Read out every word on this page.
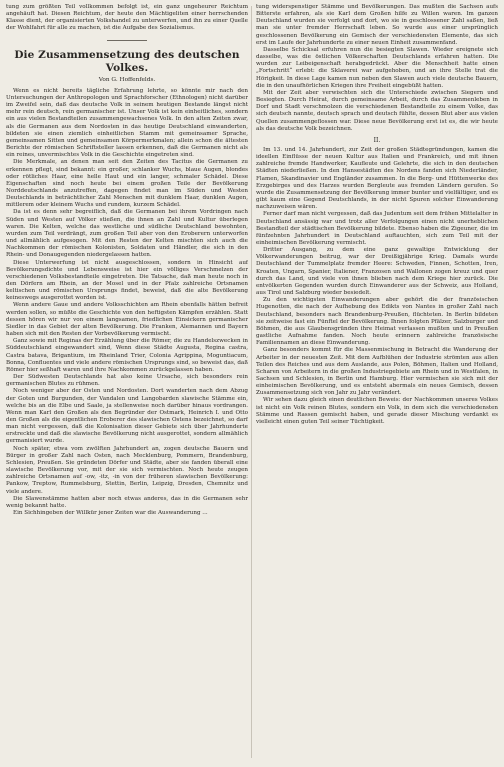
tung zum größten Teil vollkommen befolgt ist, ein ganz ungeheurer Reichtum angehäuft hat. Diesen Reichtum, der heute den Mächtigeliten einer herrschenden Klasse dient, der organisierten Volkshandel zu unterwerfen, und ihn zu einer Quelle der Wohlfahrt für alle zu machen, ist die Aufgabe des Sozialismus.

Die Zusammensetzung des deutschen Volkes.
Von G. Hoffenfelds.

Wenn es nicht bereits tägliche Erfahrung lehrte, so könnte mir nach den Untersuchungen der Anthropologen und Sprachforscher (Ethnologen) nicht darüber im Zweifel sein, daß das deutsche Volk in seinem heutigen Bestande längst nicht mehr rein deutsch, rein germanischer ist. Unser Volk ist kein einheitliches, sondern ein aus vielen Bestandteilen zusammengewachsenes Volk. In den alten Zeiten zwar, als die Germanen aus dem Nordosten in das heutige Deutschland einwanderten, bildeten sie einen ziemlich einheitlichen Stamm mit gemeinsamer Sprache, gemeinsamen Sitten und gemeinsamen Körpermerkmalen; allein schon die ältesten Berichte der römischen Schriftsteller lassen erkennen, daß die Germanen nicht als ein reines, unvermischtes Volk in die Geschichte eingetreten sind.

Die Merkmale, an denen man seit den Zeiten des Tacitus die Germanen zu erkennen pflegt, sind bekannt: ein großer, schlanker Wuchs, blaue Augen, blondes oder rötliches Haar, eine helle Haut und ein langer, schmaler Schädel. Diese Eigenschaften sind noch heute bei einem großen Teile der Bevölkerung Norddeutschlands anzutreffen, dagegen findet man im Süden und Westen Deutschlands in beträchtlicher Zahl Menschen mit dunklem Haar, dunklen Augen, mittlerem oder kleinem Wuchs und rundem, kurzem Schädel.

Da ist es denn sehr begreiflich, daß die Germanen bei ihrem Vordringen nach Süden und Westen auf Völker stießen, die ihnen an Zahl und Kultur überlegen waren. Die Kelten, welche das westliche und südliche Deutschland bewohnten, wurden zum Teil verdrängt, zum großen Teil aber von den Eroberern unterworfen und allmählich aufgesogen. Mit den Resten der Kelten mischten sich auch die Nachkommen der römischen Kolonisten, Soldaten und Händler, die sich in den Rhein- und Donaugegenden niedergelassen hatten.

Diese Unterwerfung ist nicht ausgeschlossen, sondern in Hinsicht auf Bevölkerungsdichte und Lebensweise ist hier ein völliges Verschmelzen der verschiedenen Volksbestandteile eingetreten. Die Tatsache, daß man heute noch in den Dörfern am Rhein, an der Mosel und in der Pfalz zahlreiche Ortsnamen keltischen und römischen Ursprungs findet, beweist, daß die alte Bevölkerung keineswegs ausgerottet worden ist.

Wenn andere Gaue und andere Volksschichten am Rhein ebenfalls hätten befreit werden sollen, so müßte die Geschichte von den heftigsten Kämpfen erzählen. Statt dessen hören wir nur von einem langsamen, friedlichen Einsickern germanischer Siedler in das Gebiet der alten Bevölkerung. Die Franken, Alemannen und Bayern haben sich mit den Resten der Vorbevölkerung vermischt.

Ganz sowie mit Reginas der Erzählung über die Römer, die zu Handelszwecken in Süddeutschland eingewandert sind, Wenn diese Städte Augusta, Regina castra, Castra batava, Brigantium, im Rheinland Trier, Colonia Agrippina, Moguntiacum, Bonna, Confluentes und viele andere römischen Ursprungs sind, so beweist das, daß Römer hier seßhaft waren und ihre Nachkommen zurückgelassen haben.

Der Südwesten Deutschlands hat also keine Ursache, sich besonders rein germanischen Blutes zu rühmen.

Noch weniger aber der Osten und Nordosten. Dort wanderten nach dem Abzug der Goten und Burgunden, der Vandalen und Langobarden slawische Stämme ein, welche bis an die Elbe und Saale, ja stellenweise noch darüber hinaus vordrangen. Wenn man Karl den Großen als den Begründer der Ostmark, Heinrich I. und Otto den Großen als die eigentlichen Eroberer des slawischen Ostens bezeichnet, so darf man nicht vergessen, daß die Kolonisation dieser Gebiete sich über Jahrhunderte erstreckte und daß die slawische Bevölkerung nicht ausgerottet, sondern allmählich germanisiert wurde.

Noch später, etwa vom zwölften Jahrhundert an, zogen deutsche Bauern und Bürger in großer Zahl nach Osten, nach Mecklenburg, Pommern, Brandenburg, Schlesien, Preußen. Sie gründeten Dörfer und Städte, aber sie fanden überall eine slawische Bevölkerung vor, mit der sie sich vermischten. Noch heute zeugen zahlreiche Ortsnamen auf -ow, -itz, -in von der früheren slawischen Bevölkerung: Pankow, Treptow, Rummelsburg, Stettin, Berlin, Leipzig, Dresden, Chemnitz und viele andere.

Die Slawenstämme hatten aber noch etwas anderes, das in die Germanen sehr wenig bekannt hatte.

Ein Sichhingeben der Willkür jener Zeiten war die Auswanderung ...

tung widerspenstiger Stämme und Bevölkerungen. Das mußten die Sachsen aufs Bitterste erfahren, als sie Karl dem Großen hilfe zu Willen waren. Im ganzen Deutschland wurden sie verfolgt und dort, wo sie in geschlossener Zahl saßen, ließ man sie unter fremder Herrschaft leben. So wurde aus einer ursprünglich geschlossenen Bevölkerung ein Gemisch der verschiedensten Elemente, das sich erst im Laufe der Jahrhunderte zu einer neuen Einheit zusammenfand.

Dasselbe Schicksal erfuhren nun die besiegten Slawen. Wieder ereignete sich dasselbe, was die östlichen Völkerschaften Deutschlands erfahren hatten. Die wurden zur Leibeigenschaft herabgedrückt. Aber die Menschheit hatte einen „Fortschritt“ erlebt: die Sklaverei war aufgehoben, und an ihre Stelle trat die Hörigkeit. In diese Lage kamen nun neben den Slawen auch viele deutsche Bauern, die in den unaufhörlichen Kriegen ihre Freiheit eingebüßt hatten.

Mit der Zeit aber verwischten sich die Unterschiede zwischen Siegern und Besiegten. Durch Heirat, durch gemeinsame Arbeit, durch das Zusammenleben in Dorf und Stadt verschmolzen die verschiedenen Bestandteile zu einem Volke, das sich deutsch nannte, deutsch sprach und deutsch fühlte, dessen Blut aber aus vielen Quellen zusammengeflossen war. Diese neue Bevölkerung erst ist es, die wir heute als das deutsche Volk bezeichnen.

II.

Im 13. und 14. Jahrhundert, zur Zeit der großen Städtegründungen, kamen die ideellen Einflüsse der neuen Kultur aus Italien und Frankreich, und mit ihnen zahlreiche fremde Handwerker, Kaufleute und Gelehrte, die sich in den deutschen Städten niederließen. In den Hansestädten des Nordens fanden sich Niederländer, Flamen, Skandinavier und Engländer zusammen. In die Berg- und Hüttenwerke des Erzgebirges und des Harzes wurden Bergleute aus fremden Ländern gerufen. So wurde die Zusammensetzung der Bevölkerung immer bunter und vielfältiger, und es gibt kaum eine Gegend Deutschlands, in der nicht Spuren solcher Einwanderung nachzuweisen wären.

Ferner darf man nicht vergessen, daß das Judentum seit dem frühen Mittelalter in Deutschland ansässig war und trotz aller Verfolgungen einen nicht unerheblichen Bestandteil der städtischen Bevölkerung bildete. Ebenso haben die Zigeuner, die im fünfzehnten Jahrhundert in Deutschland auftauchten, sich zum Teil mit der einheimischen Bevölkerung vermischt.

Dritter Ausgang, zu dem eine ganz gewaltige Entwicklung der Völkerwanderungen beitrug, war der Dreißigjährige Krieg. Damals wurde Deutschland der Tummelplatz fremder Heere: Schweden, Finnen, Schotten, Iren, Kroaten, Ungarn, Spanier, Italiener, Franzosen und Wallonen zogen kreuz und quer durch das Land, und viele von ihnen blieben nach dem Kriege hier zurück. Die entvölkerten Gegenden wurden durch Einwanderer aus der Schweiz, aus Holland, aus Tirol und Salzburg wieder besiedelt.

Zu den wichtigsten Einwanderungen aber gehört die der französischen Hugenotten, die nach der Aufhebung des Edikts von Nantes in großer Zahl nach Deutschland, besonders nach Brandenburg-Preußen, flüchteten. In Berlin bildeten sie zeitweise fast ein Fünftel der Bevölkerung. Ihnen folgten Pfälzer, Salzburger und Böhmen, die aus Glaubensgründen ihre Heimat verlassen mußten und in Preußen gastliche Aufnahme fanden. Noch heute erinnern zahlreiche französische Familiennamen an diese Einwanderung.

Ganz besonders kommt für die Massenmischung in Betracht die Wanderung der Arbeiter in der neuesten Zeit. Mit dem Aufblühen der Industrie strömten aus allen Teilen des Reiches und aus dem Auslande, aus Polen, Böhmen, Italien und Holland, Scharen von Arbeitern in die großen Industriegebiete am Rhein und in Westfalen, in Sachsen und Schlesien, in Berlin und Hamburg. Hier vermischen sie sich mit der einheimischen Bevölkerung, und es entsteht abermals ein neues Gemisch, dessen Zusammensetzung sich von Jahr zu Jahr verändert.

Wir sehen dazu gleich einen deutlichen Beweis: der Nachkommen unseres Volkes ist nicht ein Volk reinen Blutes, sondern ein Volk, in dem sich die verschiedensten Stämme und Rassen gemischt haben, und gerade dieser Mischung verdankt es vielleicht einen guten Teil seiner Tüchtigkeit.
